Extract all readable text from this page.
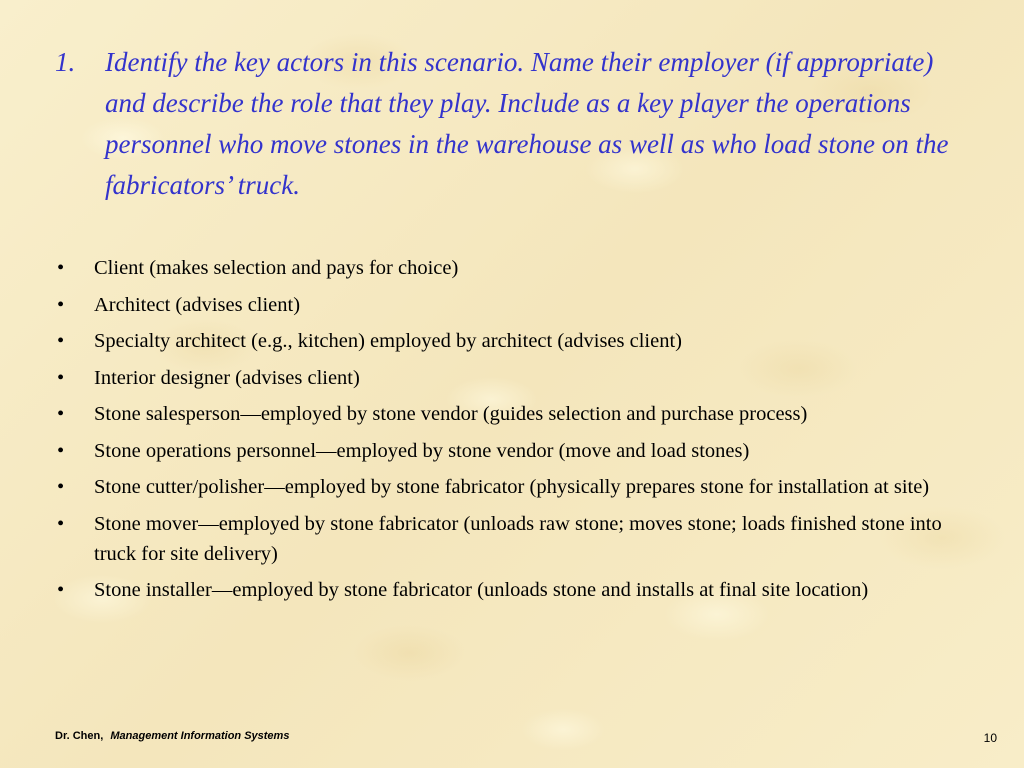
1.	Identify the key actors in this scenario. Name their employer (if appropriate) and describe the role that they play. Include as a key player the operations personnel who move stones in the warehouse as well as who load stone on the fabricators’ truck.
•	Client (makes selection and pays for choice)
•	Architect (advises client)
•	Specialty architect (e.g., kitchen) employed by architect (advises client)
•	Interior designer (advises client)
•	Stone salesperson—employed by stone vendor (guides selection and purchase process)
•	Stone operations personnel—employed by stone vendor (move and load stones)
•	Stone cutter/polisher—employed by stone fabricator (physically prepares stone for installation at site)
•	Stone mover—employed by stone fabricator (unloads raw stone; moves stone; loads finished stone into truck for site delivery)
•	Stone installer—employed by stone fabricator (unloads stone and installs at final site location)
Dr. Chen, Management Information Systems	10
